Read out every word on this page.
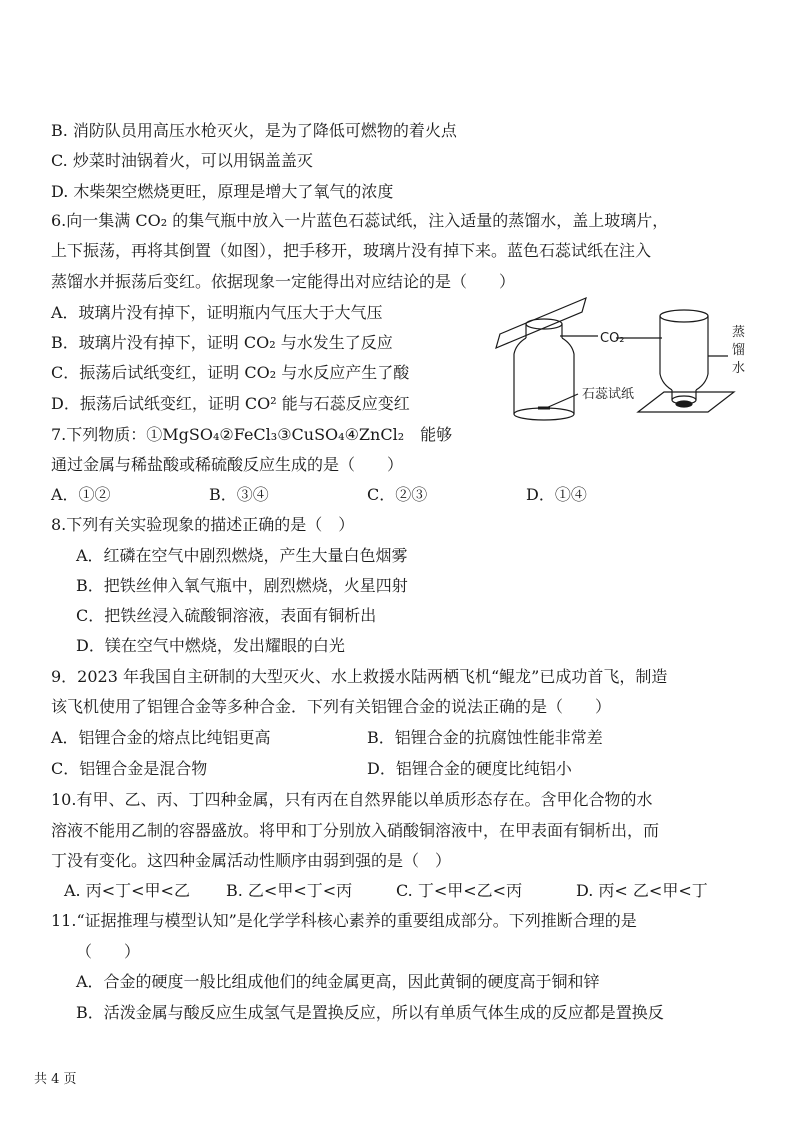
B. 消防队员用高压水枪灭火，是为了降低可燃物的着火点
C. 炒菜时油锅着火，可以用锅盖盖灭
D. 木柴架空燃烧更旺，原理是增大了氧气的浓度
6.向一集满 CO₂ 的集气瓶中放入一片蓝色石蕊试纸，注入适量的蒸馏水，盖上玻璃片，
上下振荡，再将其倒置（如图），把手移开，玻璃片没有掉下来。蓝色石蕊试纸在注入
蒸馏水并振荡后变红。依据现象一定能得出对应结论的是（　　）
A．玻璃片没有掉下，证明瓶内气压大于大气压
B．玻璃片没有掉下，证明 CO₂ 与水发生了反应
C．振荡后试纸变红，证明 CO₂ 与水反应产生了酸
D．振荡后试纸变红，证明 CO² 能与石蕊反应变红
CO₂
石蕊试纸
蒸
馏
水
7.下列物质：①MgSO₄②FeCl₃③CuSO₄④ZnCl₂　能够
通过金属与稀盐酸或稀硫酸反应生成的是（　　）
A．①②	B．③④	C．②③	D．①④
8.下列有关实验现象的描述正确的是（　）
A．红磷在空气中剧烈燃烧，产生大量白色烟雾
B．把铁丝伸入氧气瓶中，剧烈燃烧，火星四射
C．把铁丝浸入硫酸铜溶液，表面有铜析出
D．镁在空气中燃烧，发出耀眼的白光
9．2023 年我国自主研制的大型灭火、水上救援水陆两栖飞机“鲲龙”已成功首飞，制造
该飞机使用了铝锂合金等多种合金．下列有关铝锂合金的说法正确的是（　　）
A．铝锂合金的熔点比纯铝更高	B．铝锂合金的抗腐蚀性能非常差
C．铝锂合金是混合物	D．铝锂合金的硬度比纯铝小
10.有甲、乙、丙、丁四种金属，只有丙在自然界能以单质形态存在。含甲化合物的水
溶液不能用乙制的容器盛放。将甲和丁分别放入硝酸铜溶液中，在甲表面有铜析出，而
丁没有变化。这四种金属活动性顺序由弱到强的是（　）
A. 丙<丁<甲<乙 B. 乙<甲<丁<丙	C. 丁<甲<乙<丙	D. 丙< 乙<甲<丁
11.“证据推理与模型认知”是化学学科核心素养的重要组成部分。下列推断合理的是
（　　）
A．合金的硬度一般比组成他们的纯金属更高，因此黄铜的硬度高于铜和锌
B．活泼金属与酸反应生成氢气是置换反应，所以有单质气体生成的反应都是置换反
共 4 页
